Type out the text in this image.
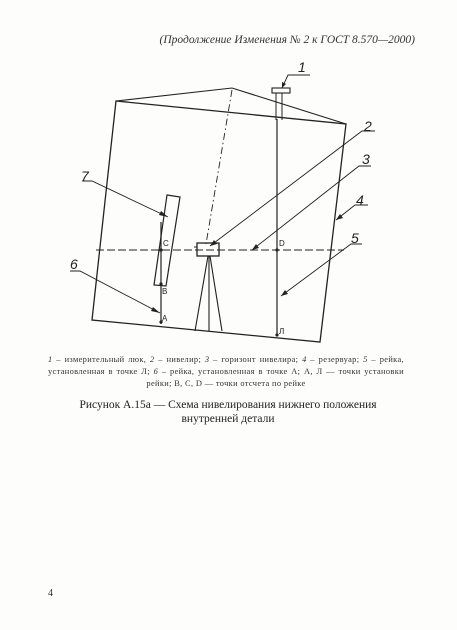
(Продолжение Изменения № 2 к ГОСТ 8.570—2000)
1
2
3
4
5
6
7
C
B
A
D
Л
1 – измерительный люк, 2 – нивелир; 3 – горизонт нивелира; 4 – резервуар; 5 – рейка, установленная в точке Л; 6 – рейка, установленная в точке А; А, Л — точки установки рейки; В, С, D — точки отсчета по рейке
Рисунок А.15а — Схема нивелирования нижнего положения внутренней детали
4
